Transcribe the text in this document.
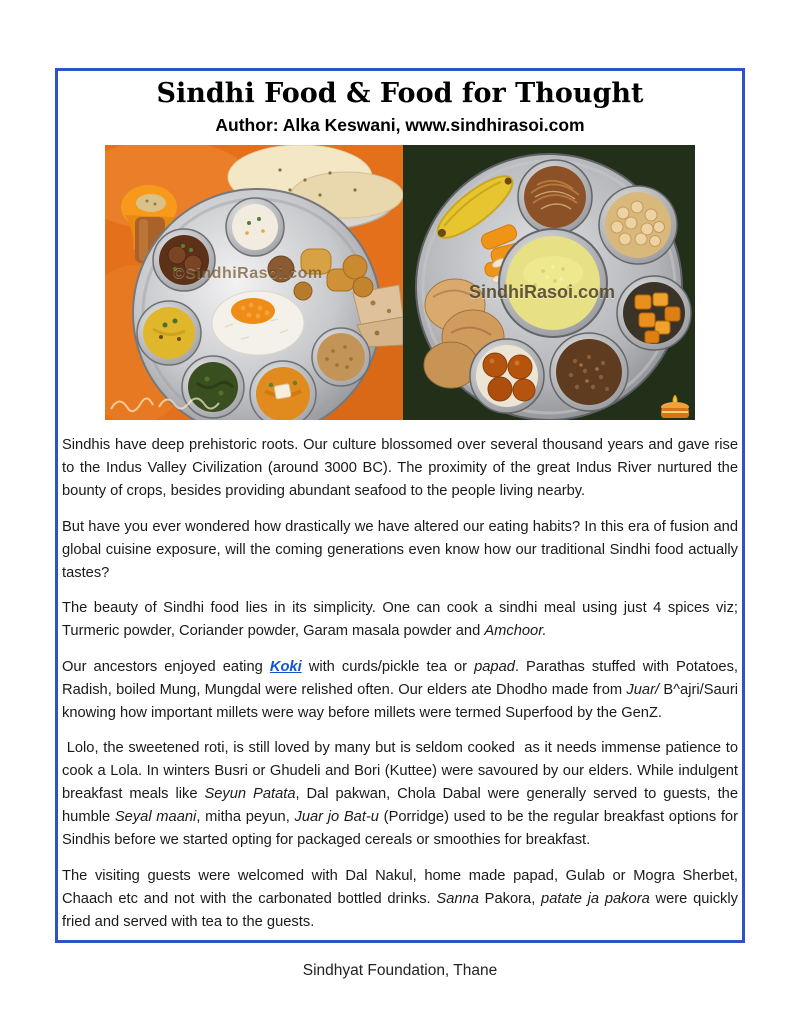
Sindhi Food & Food for Thought
Author: Alka Keswani, www.sindhirasoi.com
©SindhiRasoi.com
SindhiRasoi.com

Sindhis have deep prehistoric roots. Our culture blossomed over several thousand years and gave rise to the Indus Valley Civilization (around 3000 BC). The proximity of the great Indus River nurtured the bounty of crops, besides providing abundant seafood to the people living nearby.

But have you ever wondered how drastically we have altered our eating habits? In this era of fusion and global cuisine exposure, will the coming generations even know how our traditional Sindhi food actually tastes?

The beauty of Sindhi food lies in its simplicity. One can cook a sindhi meal using just 4 spices viz; Turmeric powder, Coriander powder, Garam masala powder and Amchoor.

Our ancestors enjoyed eating Koki with curds/pickle tea or papad. Parathas stuffed with Potatoes, Radish, boiled Mung, Mungdal were relished often. Our elders ate Dhodho made from Juar/ B^ajri/Sauri knowing how important millets were way before millets were termed Superfood by the GenZ.

Lolo, the sweetened roti, is still loved by many but is seldom cooked  as it needs immense patience to cook a Lola. In winters Busri or Ghudeli and Bori (Kuttee) were savoured by our elders. While indulgent breakfast meals like Seyun Patata, Dal pakwan, Chola Dabal were generally served to guests, the humble Seyal maani, mitha peyun, Juar jo Bat-u (Porridge) used to be the regular breakfast options for Sindhis before we started opting for packaged cereals or smoothies for breakfast.

The visiting guests were welcomed with Dal Nakul, home made papad, Gulab or Mogra Sherbet, Chaach etc and not with the carbonated bottled drinks. Sanna Pakora, patate ja pakora were quickly fried and served with tea to the guests.

Sindhyat Foundation, Thane
